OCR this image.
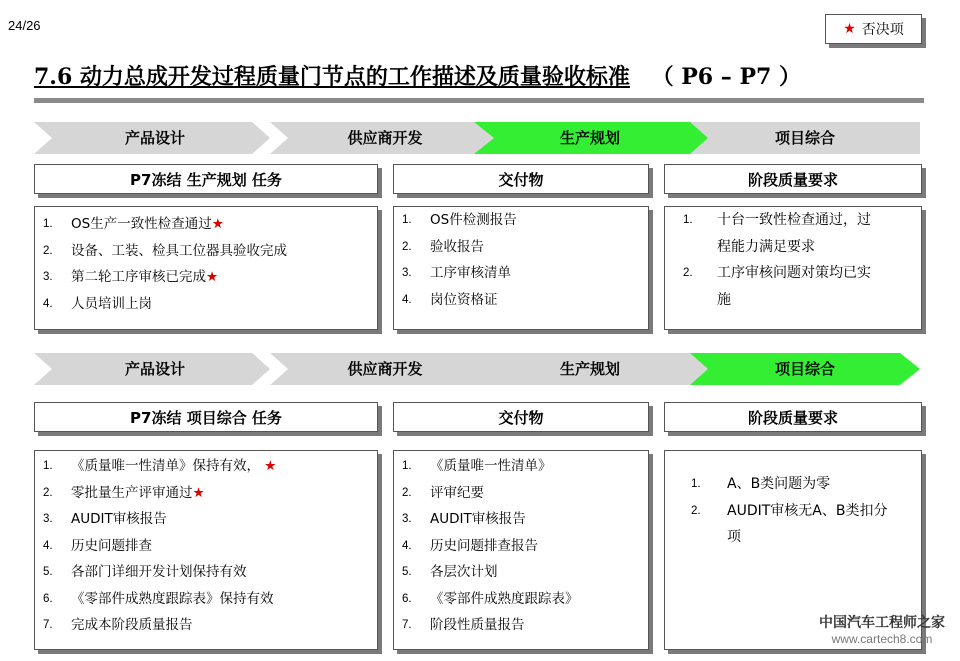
24/26	★ 否决项
7.6 动力总成开发过程质量门节点的工作描述及质量验收标准 （ P6 – P7 ）
产品设计	供应商开发	生产规划	项目综合
P7冻结 生产规划 任务	交付物	阶段质量要求
1. OS生产一致性检查通过★
2. 设备、工装、检具工位器具验收完成
3. 第二轮工序审核已完成★
4. 人员培训上岗
1. OS件检测报告
2. 验收报告
3. 工序审核清单
4. 岗位资格证
1. 十台一致性检查通过，过
程能力满足要求
2. 工序审核问题对策均已实
施
产品设计	供应商开发	生产规划	项目综合
P7冻结 项目综合 任务	交付物	阶段质量要求
1. 《质量唯一性清单》保持有效， ★
2. 零批量生产评审通过★
3. AUDIT审核报告
4. 历史问题排查
5. 各部门详细开发计划保持有效
6. 《零部件成熟度跟踪表》保持有效
7. 完成本阶段质量报告
1. 《质量唯一性清单》
2. 评审纪要
3. AUDIT审核报告
4. 历史问题排查报告
5. 各层次计划
6. 《零部件成熟度跟踪表》
7. 阶段性质量报告
1. A、B类问题为零
2. AUDIT审核无A、B类扣分
项
中国汽车工程师之家
www.cartech8.com
